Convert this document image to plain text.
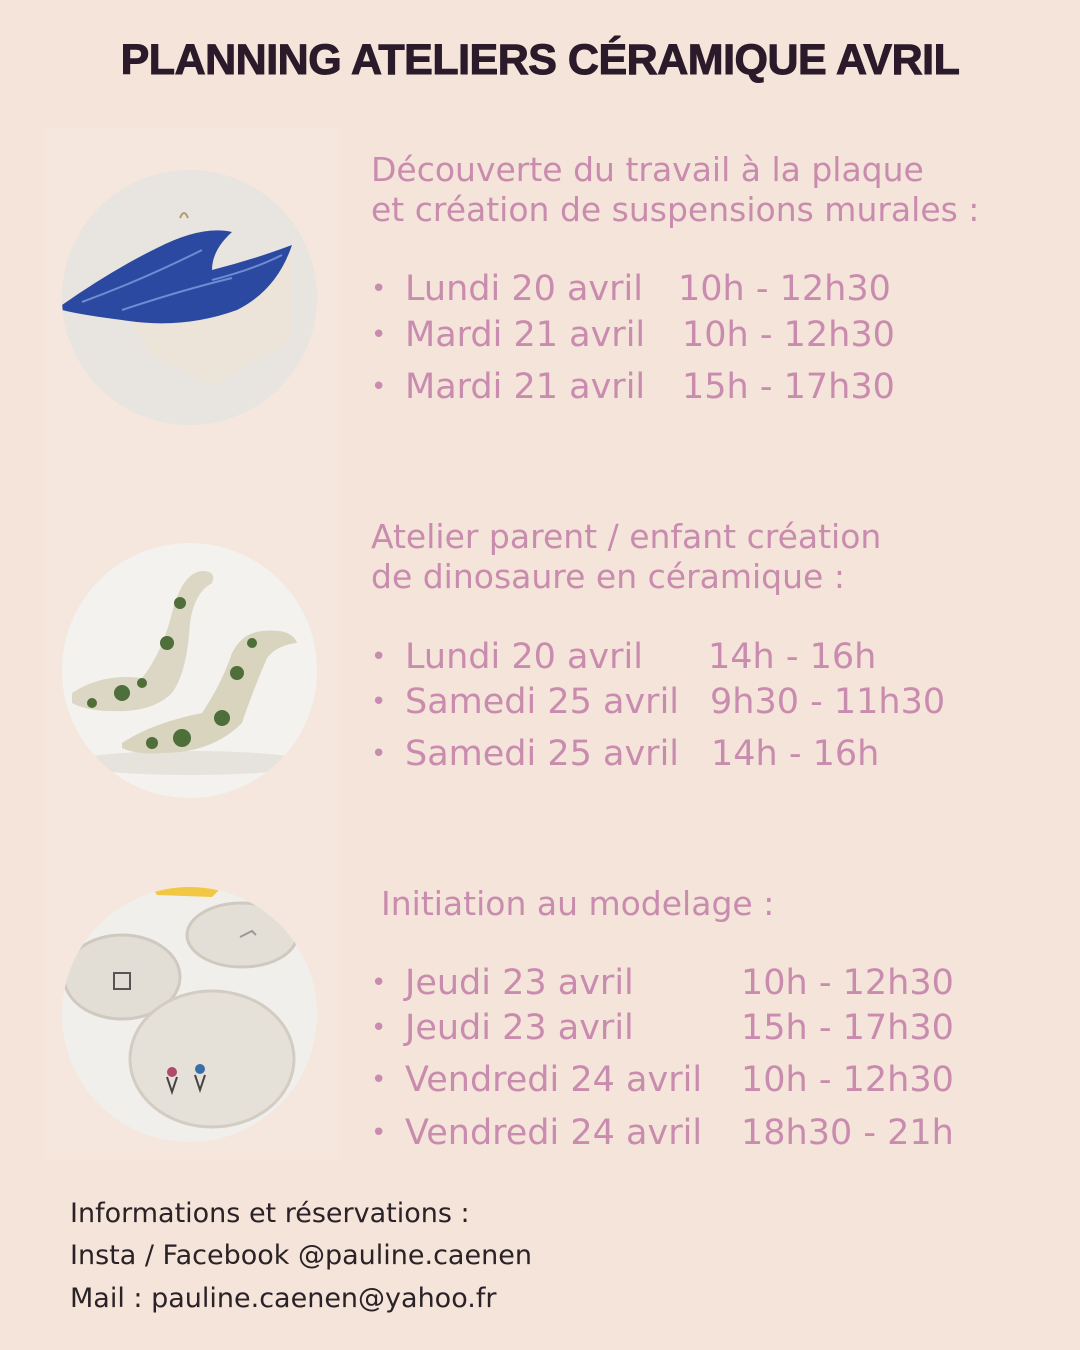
PLANNING ATELIERS CÉRAMIQUE AVRIL
Découverte du travail à la plaque
et création de suspensions murales :
• Lundi 20 avril 10h - 12h30
• Mardi 21 avril 10h - 12h30
• Mardi 21 avril 15h - 17h30
Atelier parent / enfant création
de dinosaure en céramique :
• Lundi 20 avril 14h - 16h
• Samedi 25 avril 9h30 - 11h30
• Samedi 25 avril 14h - 16h
Initiation au modelage :
• Jeudi 23 avril	10h - 12h30
• Jeudi 23 avril	15h - 17h30
• Vendredi 24 avril 10h - 12h30
• Vendredi 24 avril 18h30 - 21h
Informations et réservations :
Insta / Facebook @pauline.caenen
Mail : pauline.caenen@yahoo.fr
